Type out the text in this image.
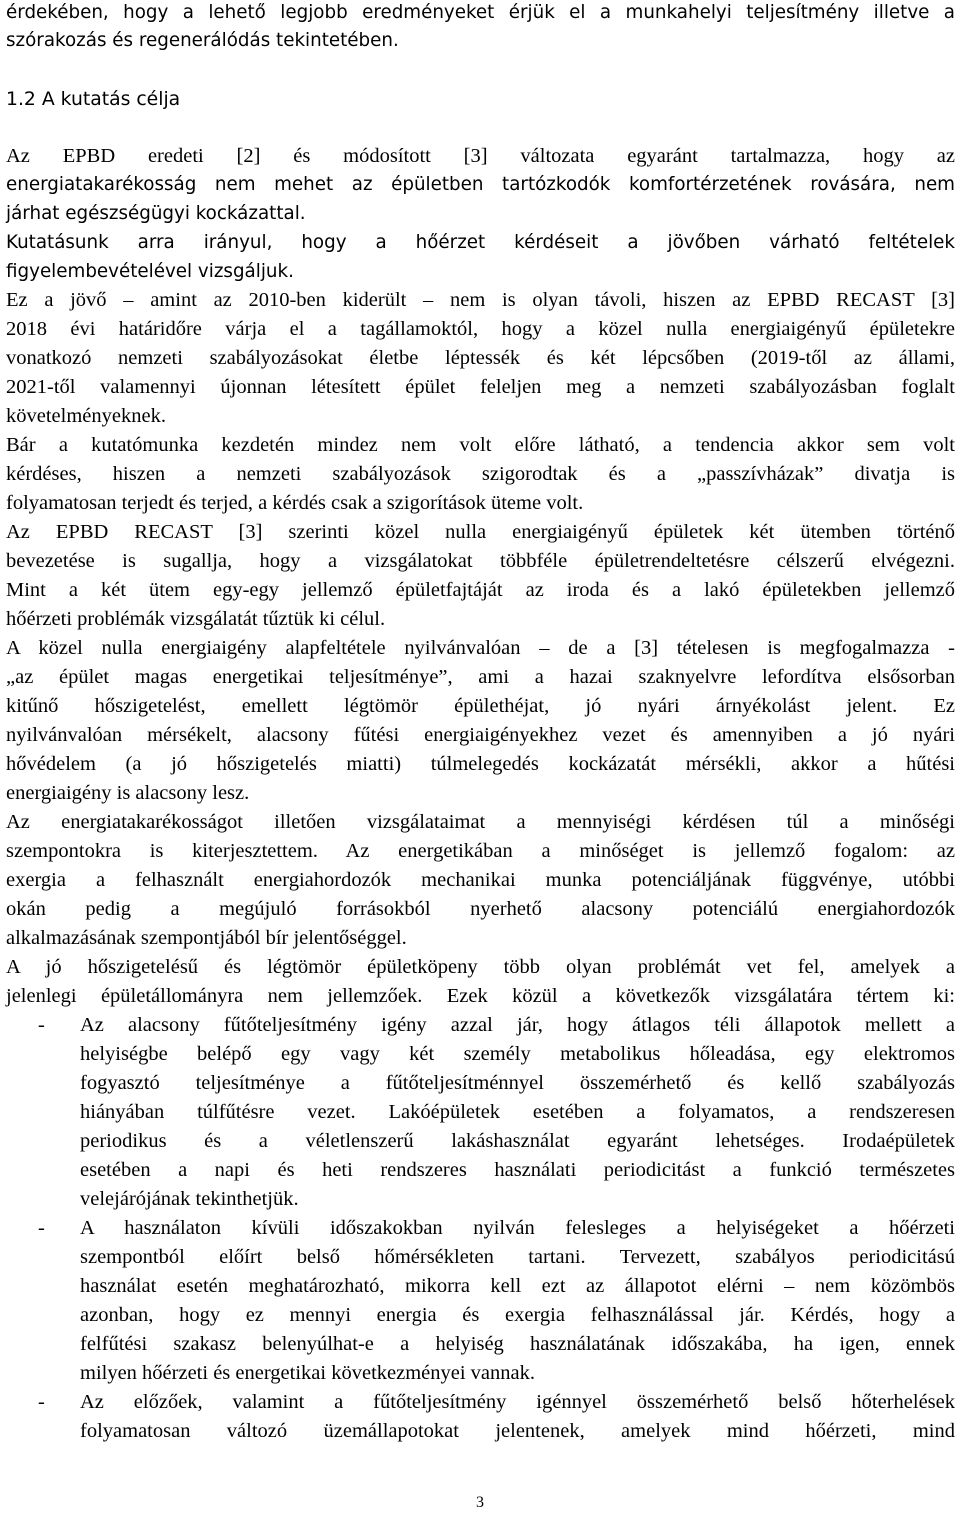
érdekében, hogy a lehető legjobb eredményeket érjük el a munkahelyi teljesítmény illetve a
szórakozás és regenerálódás tekintetében.
1.2 A kutatás célja
Az EPBD eredeti [2] és módosított [3] változata egyaránt tartalmazza, hogy az
energiatakarékosság nem mehet az épületben tartózkodók komfortérzetének rovására, nem
járhat egészségügyi kockázattal.
Kutatásunk arra irányul, hogy a hőérzet kérdéseit a jövőben várható feltételek
figyelembevételével vizsgáljuk.
Ez a jövő – amint az 2010-ben kiderült – nem is olyan távoli, hiszen az EPBD RECAST [3]
2018 évi határidőre várja el a tagállamoktól, hogy a közel nulla energiaigényű épületekre
vonatkozó nemzeti szabályozásokat életbe léptessék és két lépcsőben (2019-től az állami,
2021-től valamennyi újonnan létesített épület feleljen meg a nemzeti szabályozásban foglalt
követelményeknek.
Bár a kutatómunka kezdetén mindez nem volt előre látható, a tendencia akkor sem volt
kérdéses, hiszen a nemzeti szabályozások szigorodtak és a „passzívházak” divatja is
folyamatosan terjedt és terjed, a kérdés csak a szigorítások üteme volt.
Az EPBD RECAST [3] szerinti közel nulla energiaigényű épületek két ütemben történő
bevezetése is sugallja, hogy a vizsgálatokat többféle épületrendeltetésre célszerű elvégezni.
Mint a két ütem egy-egy jellemző épületfajtáját az iroda és a lakó épületekben jellemző
hőérzeti problémák vizsgálatát tűztük ki célul.
A közel nulla energiaigény alapfeltétele nyilvánvalóan – de a [3] tételesen is megfogalmazza -
„az épület magas energetikai teljesítménye”, ami a hazai szaknyelvre lefordítva elsősorban
kitűnő hőszigetelést, emellett légtömör épülethéjat, jó nyári árnyékolást jelent. Ez
nyilvánvalóan mérsékelt, alacsony fűtési energiaigényekhez vezet és amennyiben a jó nyári
hővédelem (a jó hőszigetelés miatti) túlmelegedés kockázatát mérsékli, akkor a hűtési
energiaigény is alacsony lesz.
Az energiatakarékosságot illetően vizsgálataimat a mennyiségi kérdésen túl a minőségi
szempontokra is kiterjesztettem. Az energetikában a minőséget is jellemző fogalom: az
exergia a felhasznált energiahordozók mechanikai munka potenciáljának függvénye, utóbbi
okán pedig a megújuló forrásokból nyerhető alacsony potenciálú energiahordozók
alkalmazásának szempontjából bír jelentőséggel.
A jó hőszigetelésű és légtömör épületköpeny több olyan problémát vet fel, amelyek a
jelenlegi épületállományra nem jellemzőek. Ezek közül a következők vizsgálatára tértem ki:
- Az alacsony fűtőteljesítmény igény azzal jár, hogy átlagos téli állapotok mellett a
helyiségbe belépő egy vagy két személy metabolikus hőleadása, egy elektromos
fogyasztó teljesítménye a fűtőteljesítménnyel összemérhető és kellő szabályozás
hiányában túlfűtésre vezet. Lakóépületek esetében a folyamatos, a rendszeresen
periodikus és a véletlenszerű lakáshasználat egyaránt lehetséges. Irodaépületek
esetében a napi és heti rendszeres használati periodicitást a funkció természetes
velejárójának tekinthetjük.
- A használaton kívüli időszakokban nyilván felesleges a helyiségeket a hőérzeti
szempontból előírt belső hőmérsékleten tartani. Tervezett, szabályos periodicitású
használat esetén meghatározható, mikorra kell ezt az állapotot elérni – nem közömbös
azonban, hogy ez mennyi energia és exergia felhasználással jár. Kérdés, hogy a
felfűtési szakasz belenyúlhat-e a helyiség használatának időszakába, ha igen, ennek
milyen hőérzeti és energetikai következményei vannak.
- Az előzőek, valamint a fűtőteljesítmény igénnyel összemérhető belső hőterhelések
folyamatosan változó üzemállapotokat jelentenek, amelyek mind hőérzeti, mind
3
